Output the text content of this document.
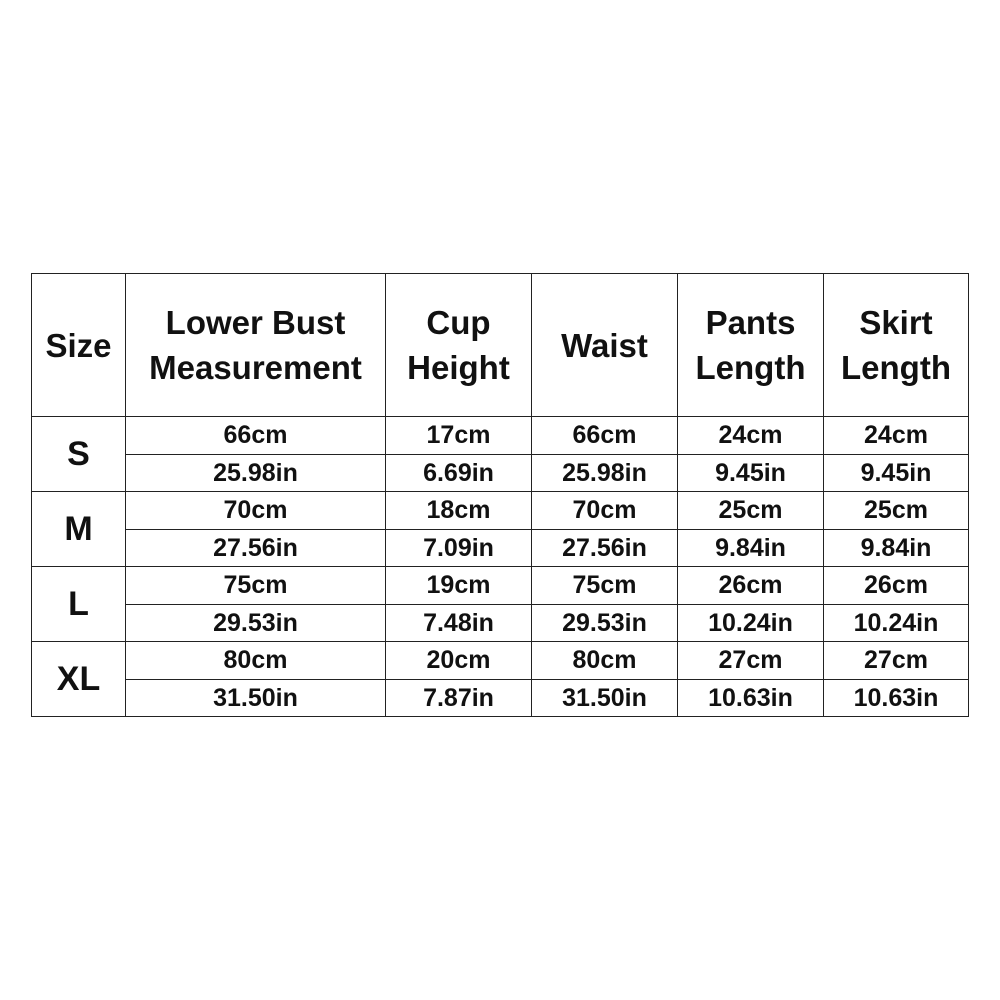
Size	Lower Bust Measurement	Cup Height	Waist	Pants Length	Skirt Length
S	66cm	17cm	66cm	24cm	24cm
	25.98in	6.69in	25.98in	9.45in	9.45in
M	70cm	18cm	70cm	25cm	25cm
	27.56in	7.09in	27.56in	9.84in	9.84in
L	75cm	19cm	75cm	26cm	26cm
	29.53in	7.48in	29.53in	10.24in	10.24in
XL	80cm	20cm	80cm	27cm	27cm
	31.50in	7.87in	31.50in	10.63in	10.63in
